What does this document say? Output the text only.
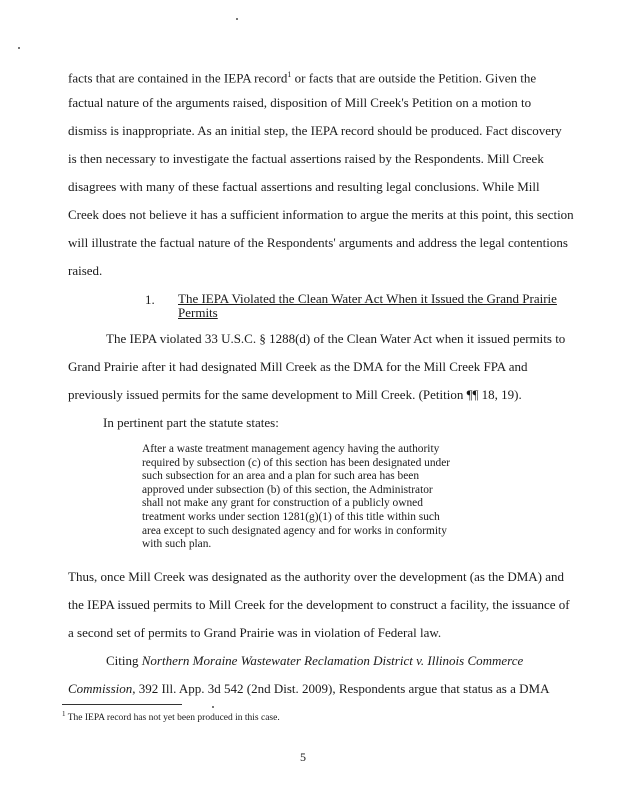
facts that are contained in the IEPA record$^1$ or facts that are outside the Petition. Given the
factual nature of the arguments raised, disposition of Mill Creek's Petition on a motion to
dismiss is inappropriate. As an initial step, the IEPA record should be produced. Fact discovery
is then necessary to investigate the factual assertions raised by the Respondents. Mill Creek
disagrees with many of these factual assertions and resulting legal conclusions. While Mill
Creek does not believe it has a sufficient information to argue the merits at this point, this section
will illustrate the factual nature of the Respondents' arguments and address the legal contentions
raised.
1. The IEPA Violated the Clean Water Act When it Issued the Grand Prairie
Permits
The IEPA violated 33 U.S.C. § 1288(d) of the Clean Water Act when it issued permits to
Grand Prairie after it had designated Mill Creek as the DMA for the Mill Creek FPA and
previously issued permits for the same development to Mill Creek. (Petition ¶¶ 18, 19).
In pertinent part the statute states:
After a waste treatment management agency having the authority
required by subsection (c) of this section has been designated under
such subsection for an area and a plan for such area has been
approved under subsection (b) of this section, the Administrator
shall not make any grant for construction of a publicly owned
treatment works under section 1281(g)(1) of this title within such
area except to such designated agency and for works in conformity
with such plan.
Thus, once Mill Creek was designated as the authority over the development (as the DMA) and
the IEPA issued permits to Mill Creek for the development to construct a facility, the issuance of
a second set of permits to Grand Prairie was in violation of Federal law.
Citing Northern Moraine Wastewater Reclamation District v. Illinois Commerce
Commission, 392 Ill. App. 3d 542 (2nd Dist. 2009), Respondents argue that status as a DMA
$^1$ The IEPA record has not yet been produced in this case.
5
